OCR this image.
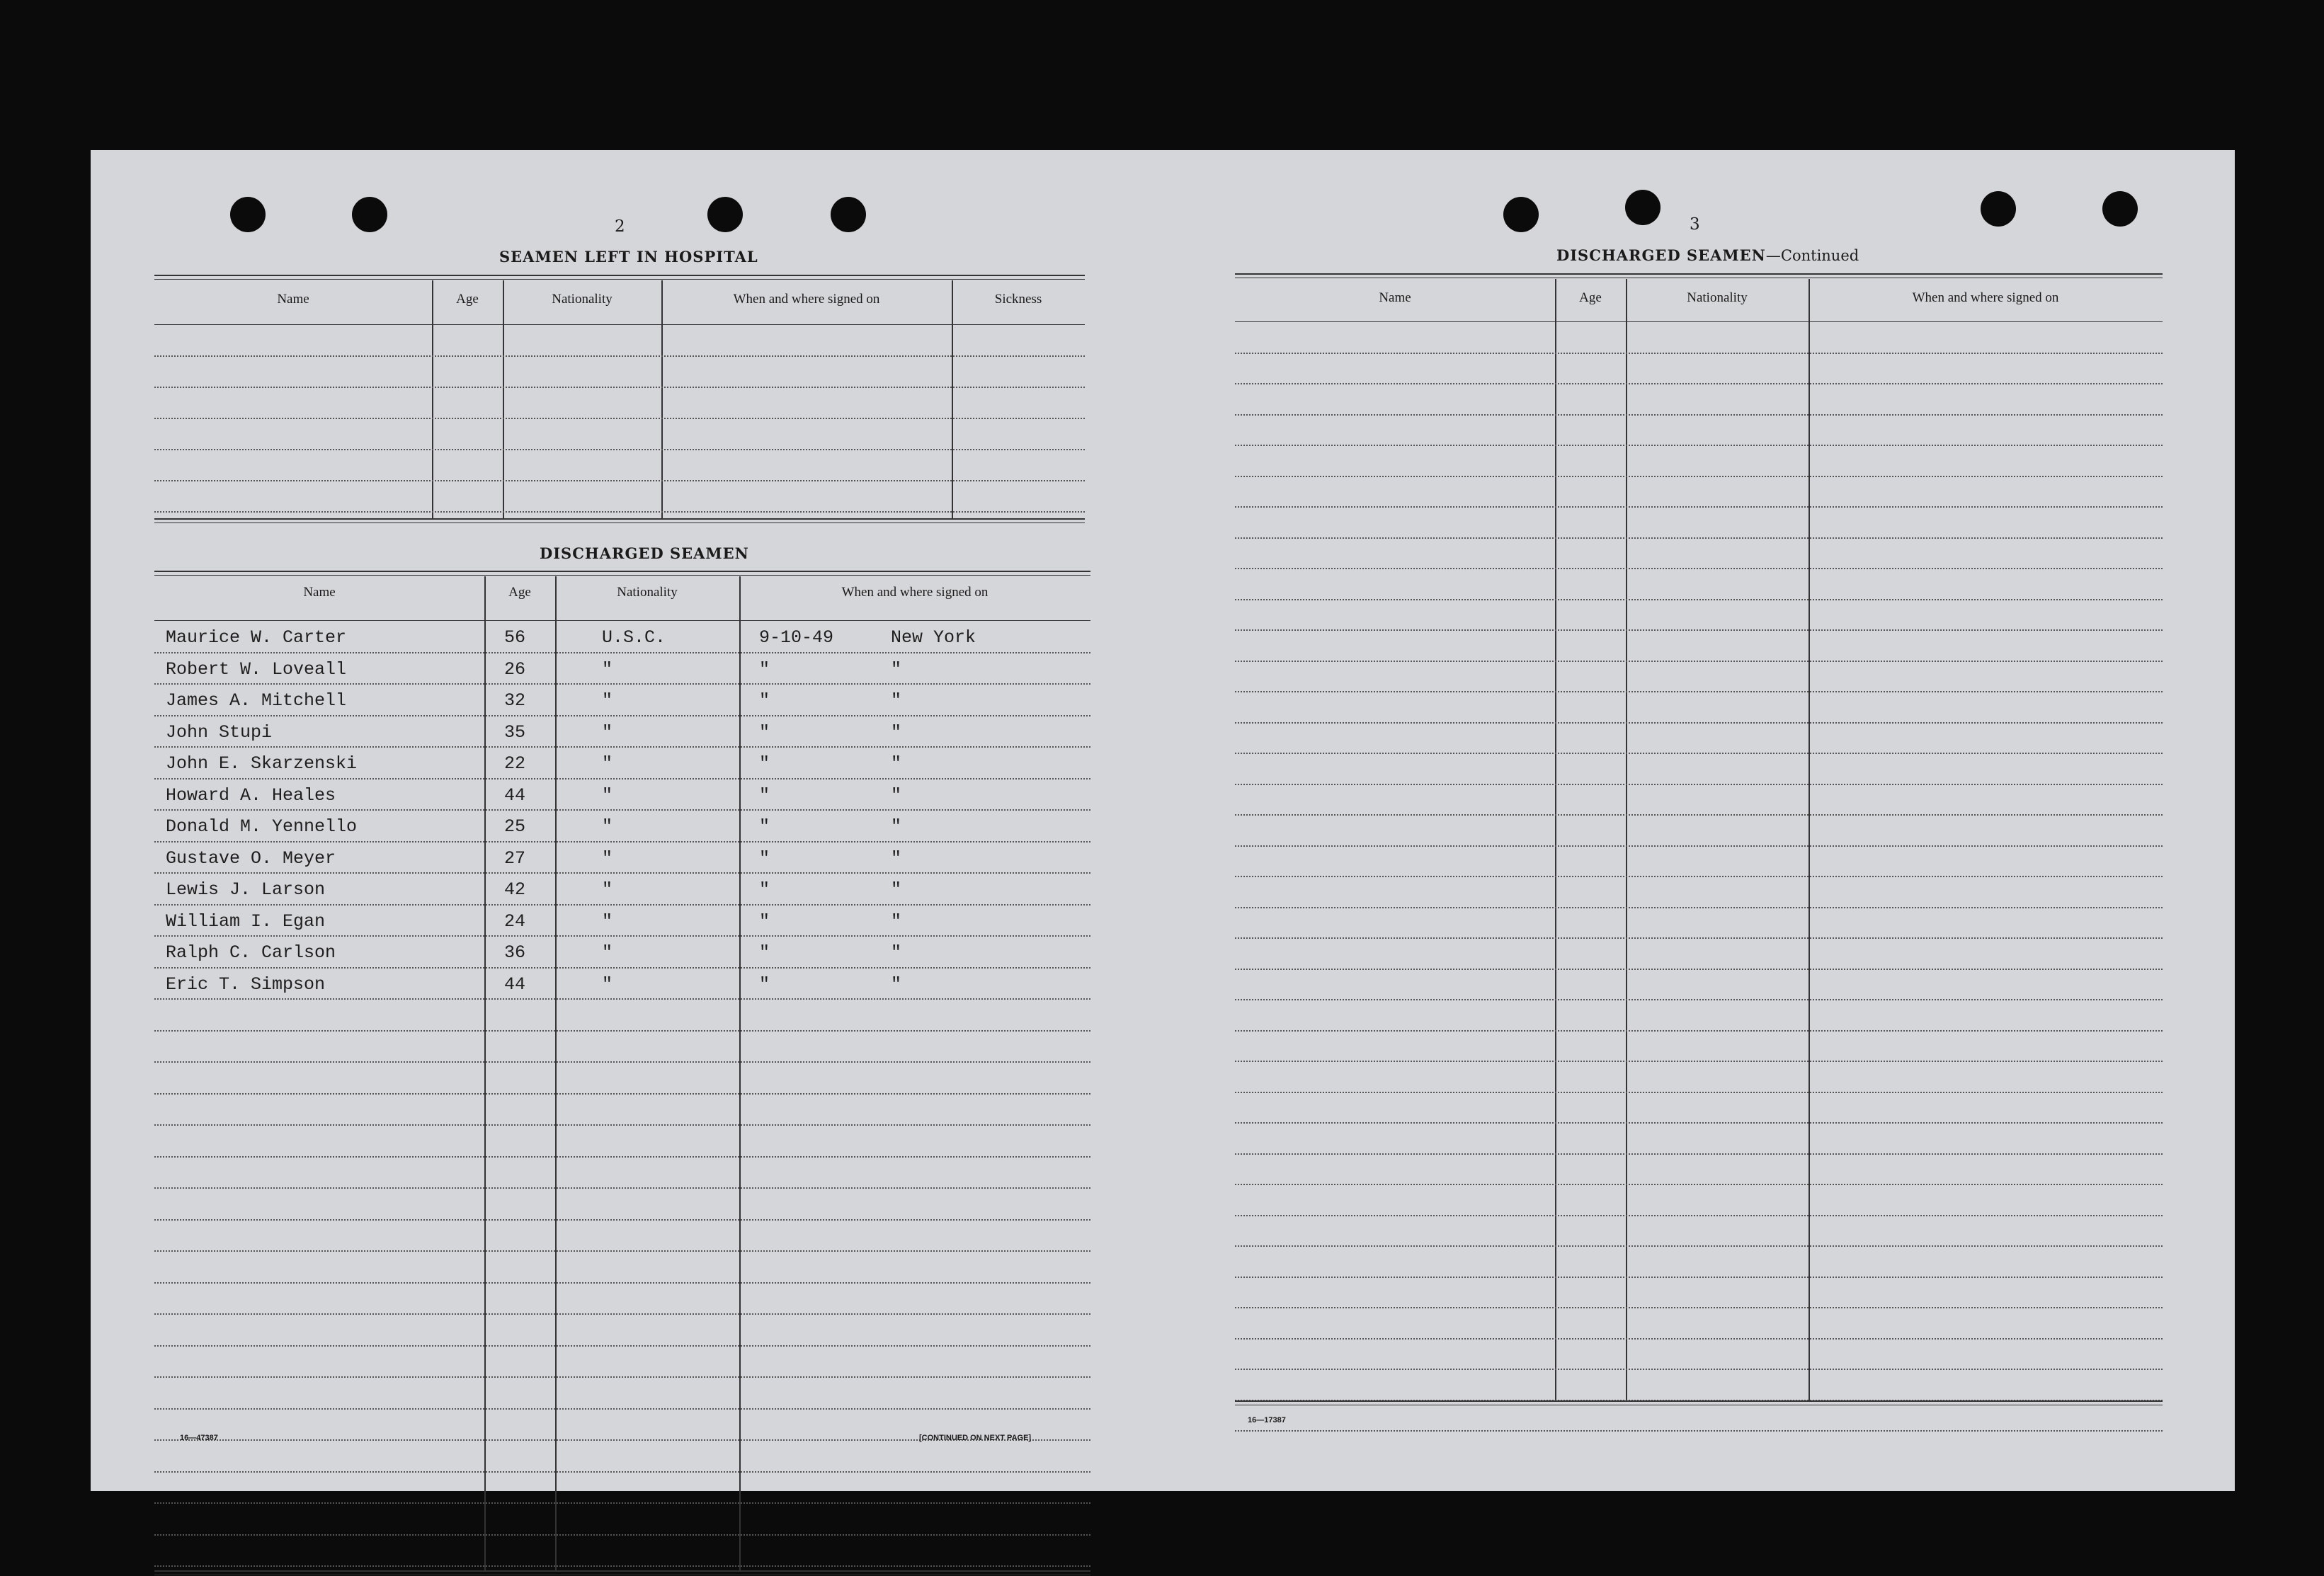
2
SEAMEN LEFT IN HOSPITAL
Name	Age	Nationality	When and where signed on	Sickness
DISCHARGED SEAMEN
Name	Age	Nationality	When and where signed on
Maurice W. Carter	56	U.S.C.	9-10-49	New York
Robert W. Loveall	26	"	"	"
James A. Mitchell	32	"	"	"
John Stupi	35	"	"	"
John E. Skarzenski	22	"	"	"
Howard A. Heales	44	"	"	"
Donald M. Yennello	25	"	"	"
Gustave O. Meyer	27	"	"	"
Lewis J. Larson	42	"	"	"
William I. Egan	24	"	"	"
Ralph C. Carlson	36	"	"	"
Eric T. Simpson	44	"	"	"
16—47387	[CONTINUED ON NEXT PAGE]
3
DISCHARGED SEAMEN—Continued
Name	Age	Nationality	When and where signed on
16—17387
